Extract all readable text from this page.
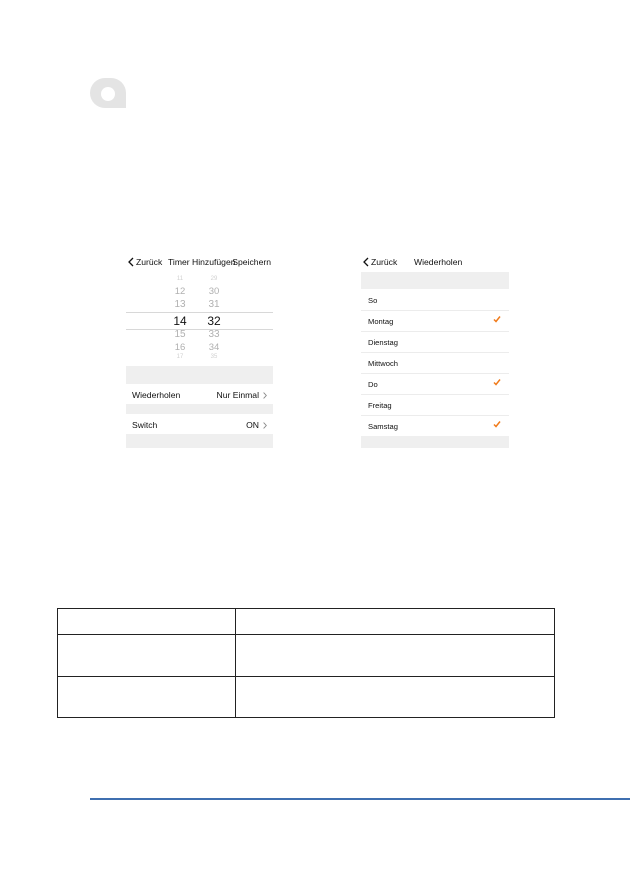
Zurück Timer Hinzufügen
Speichern
11	29
12	30
13	31
14	32
15	33
16	34
17	35
Wiederholen	Nur Einmal
Switch	ON
Zurück Wiederholen
So
Montag
Dienstag
Mittwoch
Do
Freitag
Samstag
